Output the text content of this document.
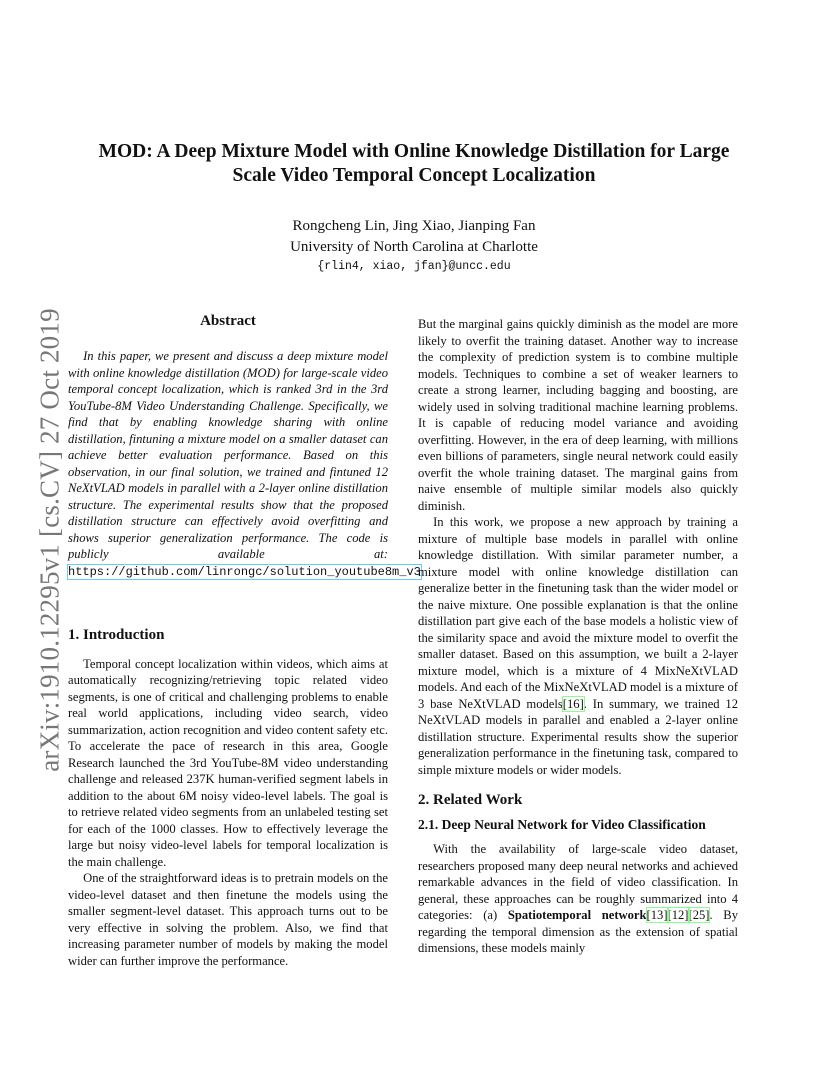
arXiv:1910.12295v1 [cs.CV] 27 Oct 2019
MOD: A Deep Mixture Model with Online Knowledge Distillation for Large
Scale Video Temporal Concept Localization
Rongcheng Lin, Jing Xiao, Jianping Fan
University of North Carolina at Charlotte
{rlin4, xiao, jfan}@uncc.edu
Abstract

In this paper, we present and discuss a deep mixture model with online knowledge distillation (MOD) for large-scale video temporal concept localization, which is ranked 3rd in the 3rd YouTube-8M Video Understanding Challenge. Specifically, we find that by enabling knowledge sharing with online distillation, fintuning a mixture model on a smaller dataset can achieve better evaluation performance. Based on this observation, in our final solution, we trained and fintuned 12 NeXtVLAD models in parallel with a 2-layer online distillation structure. The experimental results show that the proposed distillation structure can effectively avoid overfitting and shows superior generalization performance. The code is publicly available at: https://github.com/linrongc/solution_youtube8m_v3

1. Introduction

Temporal concept localization within videos, which aims at automatically recognizing/retrieving topic related video segments, is one of critical and challenging problems to enable real world applications, including video search, video summarization, action recognition and video content safety etc. To accelerate the pace of research in this area, Google Research launched the 3rd YouTube-8M video understanding challenge and released 237K human-verified segment labels in addition to the about 6M noisy video-level labels. The goal is to retrieve related video segments from an unlabeled testing set for each of the 1000 classes. How to effectively leverage the large but noisy video-level labels for temporal localization is the main challenge.

One of the straightforward ideas is to pretrain models on the video-level dataset and then finetune the models using the smaller segment-level dataset. This approach turns out to be very effective in solving the problem. Also, we find that increasing parameter number of models by making the model wider can further improve the performance.

But the marginal gains quickly diminish as the model are more likely to overfit the training dataset. Another way to increase the complexity of prediction system is to combine multiple models. Techniques to combine a set of weaker learners to create a strong learner, including bagging and boosting, are widely used in solving traditional machine learning problems. It is capable of reducing model variance and avoiding overfitting. However, in the era of deep learning, with millions even billions of parameters, single neural network could easily overfit the whole training dataset. The marginal gains from naive ensemble of multiple similar models also quickly diminish.

In this work, we propose a new approach by training a mixture of multiple base models in parallel with online knowledge distillation. With similar parameter number, a mixture model with online knowledge distillation can generalize better in the finetuning task than the wider model or the naive mixture. One possible explanation is that the online distillation part give each of the base models a holistic view of the similarity space and avoid the mixture model to overfit the smaller dataset. Based on this assumption, we built a 2-layer mixture model, which is a mixture of 4 MixNeXtVLAD models. And each of the MixNeXtVLAD model is a mixture of 3 base NeXtVLAD models[16]. In summary, we trained 12 NeXtVLAD models in parallel and enabled a 2-layer online distillation structure. Experimental results show the superior generalization performance in the finetuning task, compared to simple mixture models or wider models.

2. Related Work
2.1. Deep Neural Network for Video Classification

With the availability of large-scale video dataset, researchers proposed many deep neural networks and achieved remarkable advances in the field of video classification. In general, these approaches can be roughly summarized into 4 categories: (a) Spatiotemporal network[13][12][25]. By regarding the temporal dimension as the extension of spatial dimensions, these models mainly
